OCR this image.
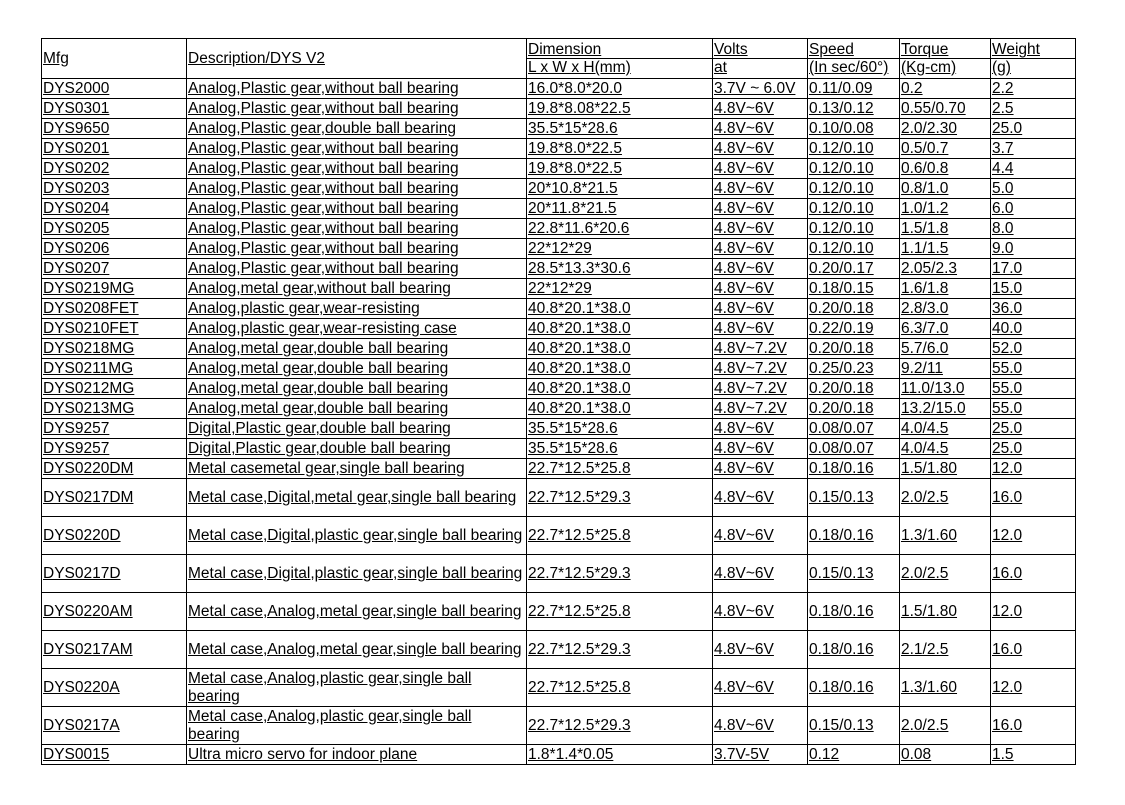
Mfg	Description/DYS V2	Dimension	Volts	Speed	Torque	Weight
		L x W x H(mm)	at	(In sec/60°)	(Kg-cm)	(g)
DYS2000	Analog,Plastic gear,without ball bearing	16.0*8.0*20.0	3.7V ~ 6.0V	0.11/0.09	0.2	2.2
DYS0301	Analog,Plastic gear,without ball bearing	19.8*8.08*22.5	4.8V~6V	0.13/0.12	0.55/0.70	2.5
DYS9650	Analog,Plastic gear,double ball bearing	35.5*15*28.6	4.8V~6V	0.10/0.08	2.0/2.30	25.0
DYS0201	Analog,Plastic gear,without ball bearing	19.8*8.0*22.5	4.8V~6V	0.12/0.10	0.5/0.7	3.7
DYS0202	Analog,Plastic gear,without ball bearing	19.8*8.0*22.5	4.8V~6V	0.12/0.10	0.6/0.8	4.4
DYS0203	Analog,Plastic gear,without ball bearing	20*10.8*21.5	4.8V~6V	0.12/0.10	0.8/1.0	5.0
DYS0204	Analog,Plastic gear,without ball bearing	20*11.8*21.5	4.8V~6V	0.12/0.10	1.0/1.2	6.0
DYS0205	Analog,Plastic gear,without ball bearing	22.8*11.6*20.6	4.8V~6V	0.12/0.10	1.5/1.8	8.0
DYS0206	Analog,Plastic gear,without ball bearing	22*12*29	4.8V~6V	0.12/0.10	1.1/1.5	9.0
DYS0207	Analog,Plastic gear,without ball bearing	28.5*13.3*30.6	4.8V~6V	0.20/0.17	2.05/2.3	17.0
DYS0219MG	Analog,metal gear,without ball bearing	22*12*29	4.8V~6V	0.18/0.15	1.6/1.8	15.0
DYS0208FET	Analog,plastic gear,wear-resisting	40.8*20.1*38.0	4.8V~6V	0.20/0.18	2.8/3.0	36.0
DYS0210FET	Analog,plastic gear,wear-resisting case	40.8*20.1*38.0	4.8V~6V	0.22/0.19	6.3/7.0	40.0
DYS0218MG	Analog,metal gear,double ball bearing	40.8*20.1*38.0	4.8V~7.2V	0.20/0.18	5.7/6.0	52.0
DYS0211MG	Analog,metal gear,double ball bearing	40.8*20.1*38.0	4.8V~7.2V	0.25/0.23	9.2/11	55.0
DYS0212MG	Analog,metal gear,double ball bearing	40.8*20.1*38.0	4.8V~7.2V	0.20/0.18	11.0/13.0	55.0
DYS0213MG	Analog,metal gear,double ball bearing	40.8*20.1*38.0	4.8V~7.2V	0.20/0.18	13.2/15.0	55.0
DYS9257	Digital,Plastic gear,double ball bearing	35.5*15*28.6	4.8V~6V	0.08/0.07	4.0/4.5	25.0
DYS9257	Digital,Plastic gear,double ball bearing	35.5*15*28.6	4.8V~6V	0.08/0.07	4.0/4.5	25.0
DYS0220DM	Metal casemetal gear,single ball bearing	22.7*12.5*25.8	4.8V~6V	0.18/0.16	1.5/1.80	12.0
DYS0217DM	Metal case,Digital,metal gear,single ball bearing	22.7*12.5*29.3	4.8V~6V	0.15/0.13	2.0/2.5	16.0
DYS0220D	Metal case,Digital,plastic gear,single ball bearing	22.7*12.5*25.8	4.8V~6V	0.18/0.16	1.3/1.60	12.0
DYS0217D	Metal case,Digital,plastic gear,single ball bearing	22.7*12.5*29.3	4.8V~6V	0.15/0.13	2.0/2.5	16.0
DYS0220AM	Metal case,Analog,metal gear,single ball bearing	22.7*12.5*25.8	4.8V~6V	0.18/0.16	1.5/1.80	12.0
DYS0217AM	Metal case,Analog,metal gear,single ball bearing	22.7*12.5*29.3	4.8V~6V	0.18/0.16	2.1/2.5	16.0
DYS0220A	Metal case,Analog,plastic gear,single ball bearing	22.7*12.5*25.8	4.8V~6V	0.18/0.16	1.3/1.60	12.0
DYS0217A	Metal case,Analog,plastic gear,single ball bearing	22.7*12.5*29.3	4.8V~6V	0.15/0.13	2.0/2.5	16.0
DYS0015	Ultra micro servo for indoor plane	1.8*1.4*0.05	3.7V-5V	0.12	0.08	1.5
